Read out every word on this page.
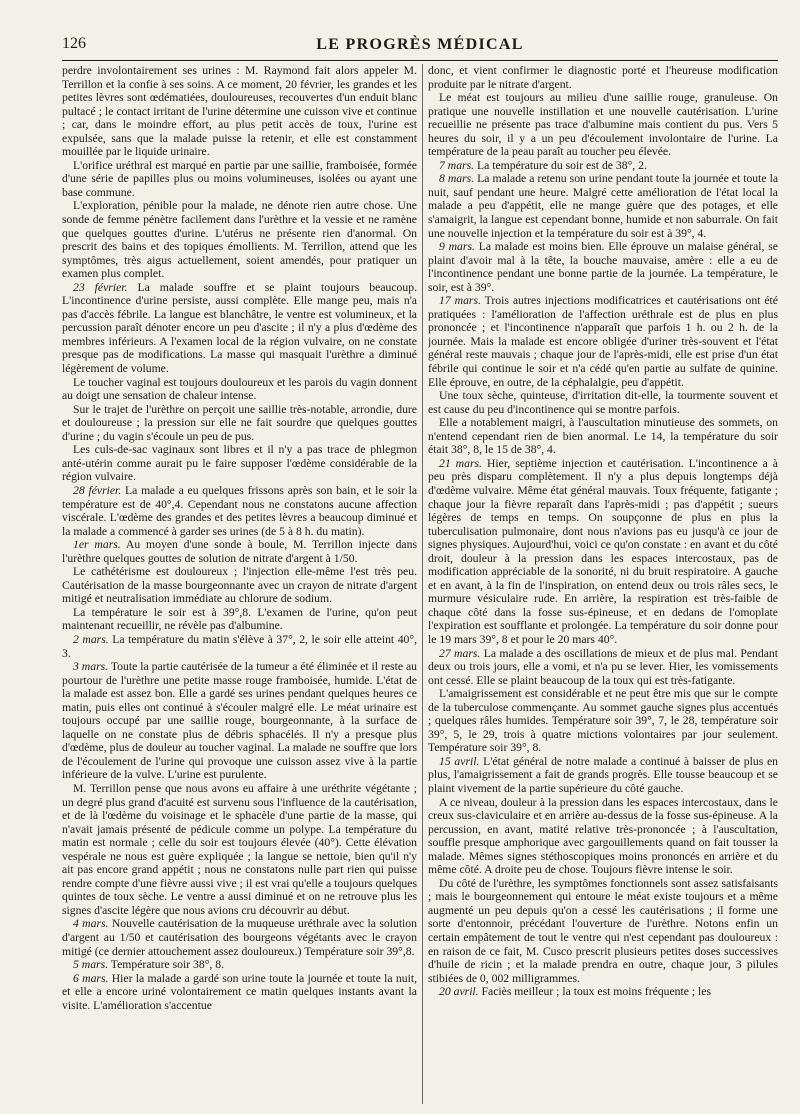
126	LE PROGRÈS MÉDICAL

perdre involontairement ses urines : M. Raymond fait alors appeler M. Terrillon et la confie à ses soins. A ce moment, 20 février, les grandes et les petites lèvres sont œdématiées, douloureuses, recouvertes d'un enduit blanc pultacé ; le contact irritant de l'urine détermine une cuisson vive et continue ; car, dans le moindre effort, au plus petit accès de toux, l'urine est expulsée, sans que la malade puisse la retenir, et elle est constamment mouillée par le liquide urinaire.

L'orifice uréthral est marqué en partie par une saillie, framboisée, formée d'une série de papilles plus ou moins volumineuses, isolées ou ayant une base commune.

L'exploration, pénible pour la malade, ne dénote rien autre chose. Une sonde de femme pénètre facilement dans l'urèthre et la vessie et ne ramène que quelques gouttes d'urine. L'utérus ne présente rien d'anormal. On prescrit des bains et des topiques émollients. M. Terrillon, attend que les symptômes, très aigus actuellement, soient amendés, pour pratiquer un examen plus complet.

23 février. La malade souffre et se plaint toujours beaucoup. L'incontinence d'urine persiste, aussi complète. Elle mange peu, mais n'a pas d'accès fébrile. La langue est blanchâtre, le ventre est volumineux, et la percussion paraît dénoter encore un peu d'ascite ; il n'y a plus d'œdème des membres inférieurs. A l'examen local de la région vulvaire, on ne constate presque pas de modifications. La masse qui masquait l'urèthre a diminué légèrement de volume.

Le toucher vaginal est toujours douloureux et les parois du vagin donnent au doigt une sensation de chaleur intense.

Sur le trajet de l'urèthre on perçoit une saillie très-notable, arrondie, dure et douloureuse ; la pression sur elle ne fait sourdre que quelques gouttes d'urine ; du vagin s'écoule un peu de pus.

Les culs-de-sac vaginaux sont libres et il n'y a pas trace de phlegmon anté-utérin comme aurait pu le faire supposer l'œdème considérable de la région vulvaire.

28 février. La malade a eu quelques frissons après son bain, et le soir la température est de 40°,4. Cependant nous ne constatons aucune affection viscérale. L'œdème des grandes et des petites lèvres a beaucoup diminué et la malade a commencé à garder ses urines (de 5 à 8 h. du matin).

1er mars. Au moyen d'une sonde à boule, M. Terrillon injecte dans l'urèthre quelques gouttes de solution de nitrate d'argent à 1/50.

Le cathétérisme est douloureux ; l'injection elle-même l'est très peu. Cautérisation de la masse bourgeonnante avec un crayon de nitrate d'argent mitigé et neutralisation immédiate au chlorure de sodium.

La température le soir est à 39°,8. L'examen de l'urine, qu'on peut maintenant recueillir, ne révèle pas d'albumine.

2 mars. La température du matin s'élève à 37°, 2, le soir elle atteint 40°, 3.

3 mars. Toute la partie cautérisée de la tumeur a été éliminée et il reste au pourtour de l'urèthre une petite masse rouge framboisée, humide. L'état de la malade est assez bon. Elle a gardé ses urines pendant quelques heures ce matin, puis elles ont continué à s'écouler malgré elle. Le méat urinaire est toujours occupé par une saillie rouge, bourgeonnante, à la surface de laquelle on ne constate plus de débris sphacélés. Il n'y a presque plus d'œdème, plus de douleur au toucher vaginal. La malade ne souffre que lors de l'écoulement de l'urine qui provoque une cuisson assez vive à la partie inférieure de la vulve. L'urine est purulente.

M. Terrillon pense que nous avons eu affaire à une uréthrite végétante ; un degré plus grand d'acuité est survenu sous l'influence de la cautérisation, et de là l'œdème du voisinage et le sphacèle d'une partie de la masse, qui n'avait jamais présenté de pédicule comme un polype. La température du matin est normale ; celle du soir est toujours élevée (40°). Cette élévation vespérale ne nous est guère expliquée ; la langue se nettoie, bien qu'il n'y ait pas encore grand appétit ; nous ne constatons nulle part rien qui puisse rendre compte d'une fièvre aussi vive ; il est vrai qu'elle a toujours quelques quintes de toux sèche. Le ventre a aussi diminué et on ne retrouve plus les signes d'ascite légère que nous avions cru découvrir au début.

4 mars. Nouvelle cautérisation de la muqueuse uréthrale avec la solution d'argent au 1/50 et cautérisation des bourgeons végétants avec le crayon mitigé (ce dernier attouchement assez douloureux.) Température soir 39°,8.

5 mars. Température soir 38°, 8.

6 mars. Hier la malade a gardé son urine toute la journée et toute la nuit, et elle a encore uriné volontairement ce matin quelques instants avant la visite. L'amélioration s'accentue

donc, et vient confirmer le diagnostic porté et l'heureuse modification produite par le nitrate d'argent.

Le méat est toujours au milieu d'une saillie rouge, granuleuse. On pratique une nouvelle instillation et une nouvelle cautérisation. L'urine recueillie ne présente pas trace d'albumine mais contient du pus. Vers 5 heures du soir, il y a un peu d'écoulement involontaire de l'urine. La température de la peau paraît au toucher peu élevée.

7 mars. La température du soir est de 38°, 2.

8 mars. La malade a retenu son urine pendant toute la journée et toute la nuit, sauf pendant une heure. Malgré cette amélioration de l'état local la malade a peu d'appétit, elle ne mange guère que des potages, et elle s'amaigrit, la langue est cependant bonne, humide et non saburrale. On fait une nouvelle injection et la température du soir est à 39°, 4.

9 mars. La malade est moins bien. Elle éprouve un malaise général, se plaint d'avoir mal à la tête, la bouche mauvaise, amère : elle a eu de l'incontinence pendant une bonne partie de la journée. La température, le soir, est à 39°.

17 mars. Trois autres injections modificatrices et cautérisations ont été pratiquées : l'amélioration de l'affection uréthrale est de plus en plus prononcée ; et l'incontinence n'apparaît que parfois 1 h. ou 2 h. de la journée. Mais la malade est encore obligée d'uriner très-souvent et l'état général reste mauvais ; chaque jour de l'après-midi, elle est prise d'un état fébrile qui continue le soir et n'a cédé qu'en partie au sulfate de quinine. Elle éprouve, en outre, de la céphalalgie, peu d'appétit.

Une toux sèche, quinteuse, d'irritation dit-elle, la tourmente souvent et est cause du peu d'incontinence qui se montre parfois.

Elle a notablement maigri, à l'auscultation minutieuse des sommets, on n'entend cependant rien de bien anormal. Le 14, la température du soir était 38°, 8, le 15 de 38°, 4.

21 mars. Hier, septième injection et cautérisation. L'incontinence a à peu près disparu complètement. Il n'y a plus depuis longtemps déjà d'œdème vulvaire. Même état général mauvais. Toux fréquente, fatigante ; chaque jour la fièvre reparaît dans l'après-midi ; pas d'appétit ; sueurs légères de temps en temps. On soupçonne de plus en plus la tuberculisation pulmonaire, dont nous n'avions pas eu jusqu'à ce jour de signes physiques. Aujourd'hui, voici ce qu'on constate : en avant et du côté droit, douleur à la pression dans les espaces intercostaux, pas de modification appréciable de la sonorité, ni du bruit respiratoire. A gauche et en avant, à la fin de l'inspiration, on entend deux ou trois râles secs, le murmure vésiculaire rude. En arrière, la respiration est très-faible de chaque côté dans la fosse sus-épineuse, et en dedans de l'omoplate l'expiration est soufflante et prolongée. La température du soir donne pour le 19 mars 39°, 8 et pour le 20 mars 40°.

27 mars. La malade a des oscillations de mieux et de plus mal. Pendant deux ou trois jours, elle a vomi, et n'a pu se lever. Hier, les vomissements ont cessé. Elle se plaint beaucoup de la toux qui est très-fatigante.

L'amaigrissement est considérable et ne peut être mis que sur le compte de la tuberculose commençante. Au sommet gauche signes plus accentués ; quelques râles humides. Température soir 39°, 7, le 28, température soir 39°, 5, le 29, trois à quatre mictions volontaires par jour seulement. Température soir 39°, 8.

15 avril. L'état général de notre malade a continué à baisser de plus en plus, l'amaigrissement a fait de grands progrès. Elle tousse beaucoup et se plaint vivement de la partie supérieure du côté gauche.

A ce niveau, douleur à la pression dans les espaces intercostaux, dans le creux sus-claviculaire et en arrière au-dessus de la fosse sus-épineuse. A la percussion, en avant, matité relative très-prononcée ; à l'auscultation, souffle presque amphorique avec gargouillements quand on fait tousser la malade. Mêmes signes stéthoscopiques moins prononcés en arrière et du même côté. A droite peu de chose. Toujours fièvre intense le soir.

Du côté de l'urèthre, les symptômes fonctionnels sont assez satisfaisants ; mais le bourgeonnement qui entoure le méat existe toujours et a même augmenté un peu depuis qu'on a cessé les cautérisations ; il forme une sorte d'entonnoir, précédant l'ouverture de l'urèthre. Notons enfin un certain empâtement de tout le ventre qui n'est cependant pas douloureux : en raison de ce fait, M. Cusco prescrit plusieurs petites doses successives d'huile de ricin ; et la malade prendra en outre, chaque jour, 3 pilules stibiées de 0, 002 milligrammes.

20 avril. Faciès meilleur ; la toux est moins fréquente ; les
